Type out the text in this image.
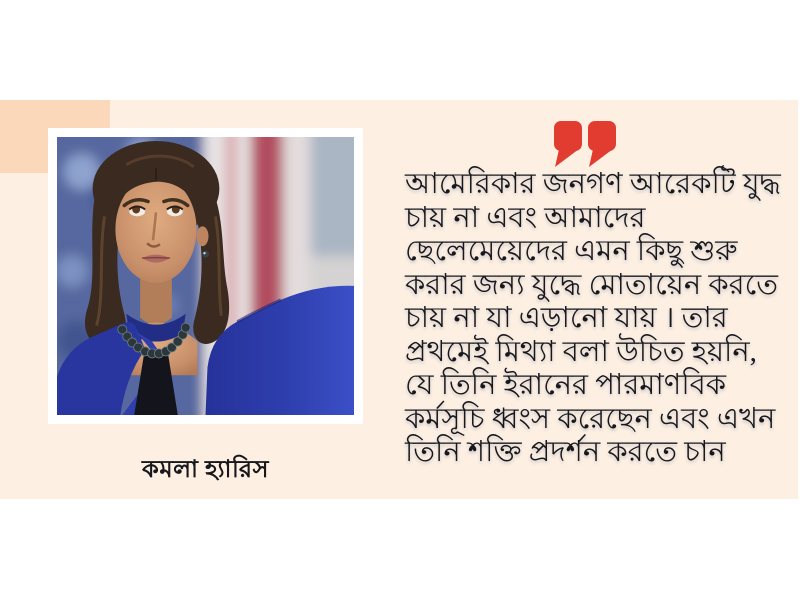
কমলা হ্যারিস
আমেরিকার জনগণ আরেকটি যুদ্ধ
চায় না এবং আমাদের
ছেলেমেয়েদের এমন কিছু শুরু
করার জন্য যুদ্ধে মোতায়েন করতে
চায় না যা এড়ানো যায় । তার
প্রথমেই মিথ্যা বলা উচিত হয়নি,
যে তিনি ইরানের পারমাণবিক
কর্মসূচি ধ্বংস করেছেন এবং এখন
তিনি শক্তি প্রদর্শন করতে চান
